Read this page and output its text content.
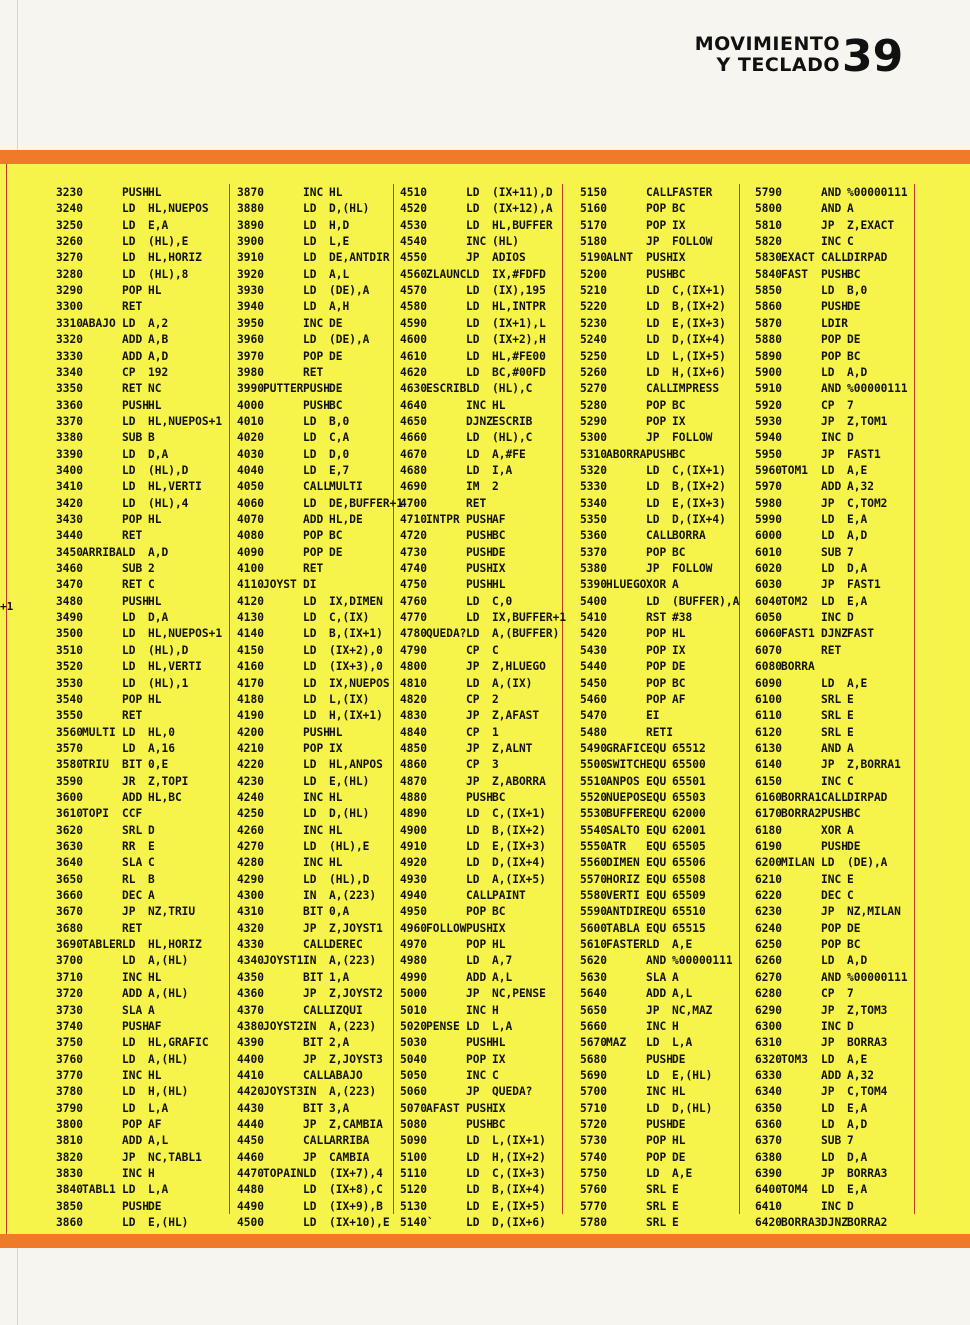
MOVIMIENTO
Y TECLADO 39
3230	PUSH HL
3240	LD HL,NUEPOS
3250	LD E,A
3260	LD (HL),E
3270	LD HL,HORIZ
3280	LD (HL),8
3290	POP HL
3300	RET
3310 ABAJO LD A,2
3320	ADD A,B
3330	ADD A,D
3340	CP 192
3350	RET NC
3360	PUSH HL
3370	LD HL,NUEPOS+1
3380	SUB B
3390	LD D,A
3400	LD (HL),D
3410	LD HL,VERTI
3420	LD (HL),4
3430	POP HL
3440	RET
3450 ARRIBA LD A,D
3460	SUB 2
3470	RET C
3480	PUSH HL
3490	LD D,A
3500	LD HL,NUEPOS+1
3510	LD (HL),D
3520	LD HL,VERTI
3530	LD (HL),1
3540	POP HL
3550	RET
3560 MULTI LD HL,0
3570	LD A,16
3580 TRIU BIT 0,E
3590	JR Z,TOPI
3600	ADD HL,BC
3610 TOPI CCF
3620	SRL D
3630	RR E
3640	SLA C
3650	RL B
3660	DEC A
3670	JP NZ,TRIU
3680	RET
3690 TABLER LD HL,HORIZ
3700	LD A,(HL)
3710	INC HL
3720	ADD A,(HL)
3730	SLA A
3740	PUSH AF
3750	LD HL,GRAFIC
3760	LD A,(HL)
3770	INC HL
3780	LD H,(HL)
3790	LD L,A
3800	POP AF
3810	ADD A,L
3820	JP NC,TABL1
3830	INC H
3840 TABL1 LD L,A
3850	PUSH DE
3860	LD E,(HL)
3870	INC HL
3880	LD D,(HL)
3890	LD H,D
3900	LD L,E
3910	LD DE,ANTDIR
3920	LD A,L
3930	LD (DE),A
3940	LD A,H
3950	INC DE
3960	LD (DE),A
3970	POP DE
3980	RET
3990 PUTTER PUSH DE
4000	PUSH BC
4010	LD B,0
4020	LD C,A
4030	LD D,0
4040	LD E,7
4050	CALL MULTI
4060	LD DE,BUFFER+1
4070	ADD HL,DE
4080	POP BC
4090	POP DE
4100	RET
4110 JOYST DI
4120	LD IX,DIMEN
4130	LD C,(IX)
4140	LD B,(IX+1)
4150	LD (IX+2),0
4160	LD (IX+3),0
4170	LD IX,NUEPOS
4180	LD L,(IX)
4190	LD H,(IX+1)
4200	PUSH HL
4210	POP IX
4220	LD HL,ANPOS
4230	LD E,(HL)
4240	INC HL
4250	LD D,(HL)
4260	INC HL
4270	LD (HL),E
4280	INC HL
4290	LD (HL),D
4300	IN A,(223)
4310	BIT 0,A
4320	JP Z,JOYST1
4330	CALL DEREC
4340 JOYST1 IN A,(223)
4350	BIT 1,A
4360	JP Z,JOYST2
4370	CALL IZQUI
4380 JOYST2 IN A,(223)
4390	BIT 2,A
4400	JP Z,JOYST3
4410	CALL ABAJO
4420 JOYST3 IN A,(223)
4430	BIT 3,A
4440	JP Z,CAMBIA
4450	CALL ARRIBA
4460	JP CAMBIA
4470 TOPAIN LD (IX+7),4
4480	LD (IX+8),C
4490	LD (IX+9),B
4500	LD (IX+10),E
4510	LD (IX+11),D
4520	LD (IX+12),A
4530	LD HL,BUFFER
4540	INC (HL)
4550	JP ADIOS
4560 ZLAUNC LD IX,#FDFD
4570	LD (IX),195
4580	LD HL,INTPR
4590	LD (IX+1),L
4600	LD (IX+2),H
4610	LD HL,#FE00
4620	LD BC,#00FD
4630 ESCRIB LD (HL),C
4640	INC HL
4650	DJNZ ESCRIB
4660	LD (HL),C
4670	LD A,#FE
4680	LD I,A
4690	IM 2
4700	RET
4710 INTPR PUSH AF
4720	PUSH BC
4730	PUSH DE
4740	PUSH IX
4750	PUSH HL
4760	LD C,0
4770	LD IX,BUFFER+1
4780 QUEDA? LD A,(BUFFER)
4790	CP C
4800	JP Z,HLUEGO
4810	LD A,(IX)
4820	CP 2
4830	JP Z,AFAST
4840	CP 1
4850	JP Z,ALNT
4860	CP 3
4870	JP Z,ABORRA
4880	PUSH BC
4890	LD C,(IX+1)
4900	LD B,(IX+2)
4910	LD E,(IX+3)
4920	LD D,(IX+4)
4930	LD A,(IX+5)
4940	CALL PAINT
4950	POP BC
4960 FOLLOW PUSH IX
4970	POP HL
4980	LD A,7
4990	ADD A,L
5000	JP NC,PENSE
5010	INC H
5020 PENSE LD L,A
5030	PUSH HL
5040	POP IX
5050	INC C
5060	JP QUEDA?
5070 AFAST PUSH IX
5080	PUSH BC
5090	LD L,(IX+1)
5100	LD H,(IX+2)
5110	LD C,(IX+3)
5120	LD B,(IX+4)
5130	LD E,(IX+5)
5140`	LD D,(IX+6)
5150	CALL FASTER
5160	POP BC
5170	POP IX
5180	JP FOLLOW
5190 ALNT PUSH IX
5200	PUSH BC
5210	LD C,(IX+1)
5220	LD B,(IX+2)
5230	LD E,(IX+3)
5240	LD D,(IX+4)
5250	LD L,(IX+5)
5260	LD H,(IX+6)
5270	CALL IMPRESS
5280	POP BC
5290	POP IX
5300	JP FOLLOW
5310 ABORRA PUSH BC
5320	LD C,(IX+1)
5330	LD B,(IX+2)
5340	LD E,(IX+3)
5350	LD D,(IX+4)
5360	CALL BORRA
5370	POP BC
5380	JP FOLLOW
5390 HLUEGO XOR A
5400	LD (BUFFER),A
5410	RST #38
5420	POP HL
5430	POP IX
5440	POP DE
5450	POP BC
5460	POP AF
5470	EI
5480	RETI
5490 GRAFIC EQU 65512
5500 SWITCH EQU 65500
5510 ANPOS EQU 65501
5520 NUEPOS EQU 65503
5530 BUFFER EQU 62000
5540 SALTO EQU 62001
5550 ATR EQU 65505
5560 DIMEN EQU 65506
5570 HORIZ EQU 65508
5580 VERTI EQU 65509
5590 ANTDIR EQU 65510
5600 TABLA EQU 65515
5610 FASTER LD A,E
5620	AND %00000111
5630	SLA A
5640	ADD A,L
5650	JP NC,MAZ
5660	INC H
5670 MAZ LD L,A
5680	PUSH DE
5690	LD E,(HL)
5700	INC HL
5710	LD D,(HL)
5720	PUSH DE
5730	POP HL
5740	POP DE
5750	LD A,E
5760	SRL E
5770	SRL E
5780	SRL E
5790	AND %00000111
5800	AND A
5810	JP Z,EXACT
5820	INC C
5830 EXACT CALL DIRPAD
5840 FAST PUSH BC
5850	LD B,0
5860	PUSH DE
5870	LDIR
5880	POP DE
5890	POP BC
5900	LD A,D
5910	AND %00000111
5920	CP 7
5930	JP Z,TOM1
5940	INC D
5950	JP FAST1
5960 TOM1 LD A,E
5970	ADD A,32
5980	JP C,TOM2
5990	LD E,A
6000	LD A,D
6010	SUB 7
6020	LD D,A
6030	JP FAST1
6040 TOM2 LD E,A
6050	INC D
6060 FAST1 DJNZ FAST
6070	RET
6080 BORRA
6090	LD A,E
6100	SRL E
6110	SRL E
6120	SRL E
6130	AND A
6140	JP Z,BORRA1
6150	INC C
6160 BORRA1 CALL DIRPAD
6170 BORRA2 PUSH BC
6180	XOR A
6190	PUSH DE
6200 MILAN LD (DE),A
6210	INC E
6220	DEC C
6230	JP NZ,MILAN
6240	POP DE
6250	POP BC
6260	LD A,D
6270	AND %00000111
6280	CP 7
6290	JP Z,TOM3
6300	INC D
6310	JP BORRA3
6320 TOM3 LD A,E
6330	ADD A,32
6340	JP C,TOM4
6350	LD E,A
6360	LD A,D
6370	SUB 7
6380	LD D,A
6390	JP BORRA3
6400 TOM4 LD E,A
6410	INC D
6420 BORRA3 DJNZ BORRA2
+1
